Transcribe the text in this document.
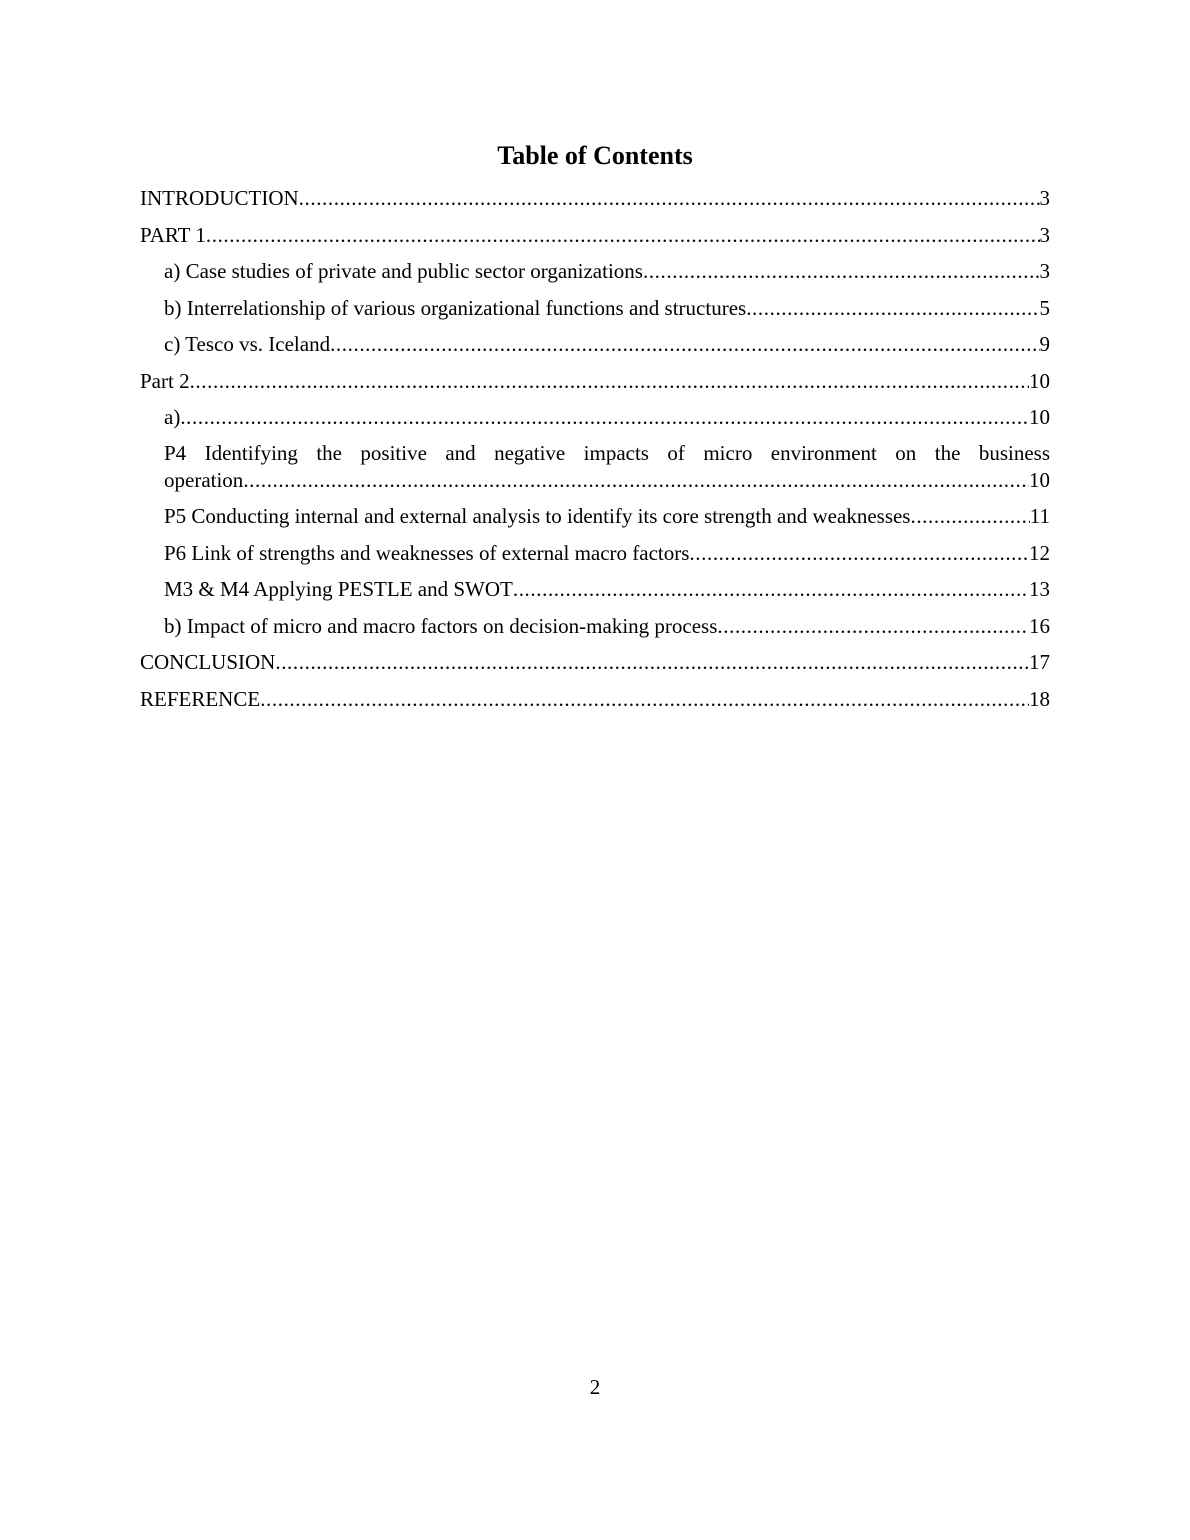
Table of Contents
INTRODUCTION .....	3
PART 1 .....	3
a) Case studies of private and public sector organizations .....	3
b) Interrelationship of various organizational functions and structures .....	5
c) Tesco vs. Iceland .....	9
Part 2 .....	10
a) .....	10
P4 Identifying the positive and negative impacts of micro environment on the business
operation .....	10
P5 Conducting internal and external analysis to identify its core strength and weaknesses .....	11
P6 Link of strengths and weaknesses of external macro factors .....	12
M3 & M4 Applying PESTLE and SWOT .....	13
b) Impact of micro and macro factors on decision-making process .....	16
CONCLUSION .....	17
REFERENCE .....	18
2
